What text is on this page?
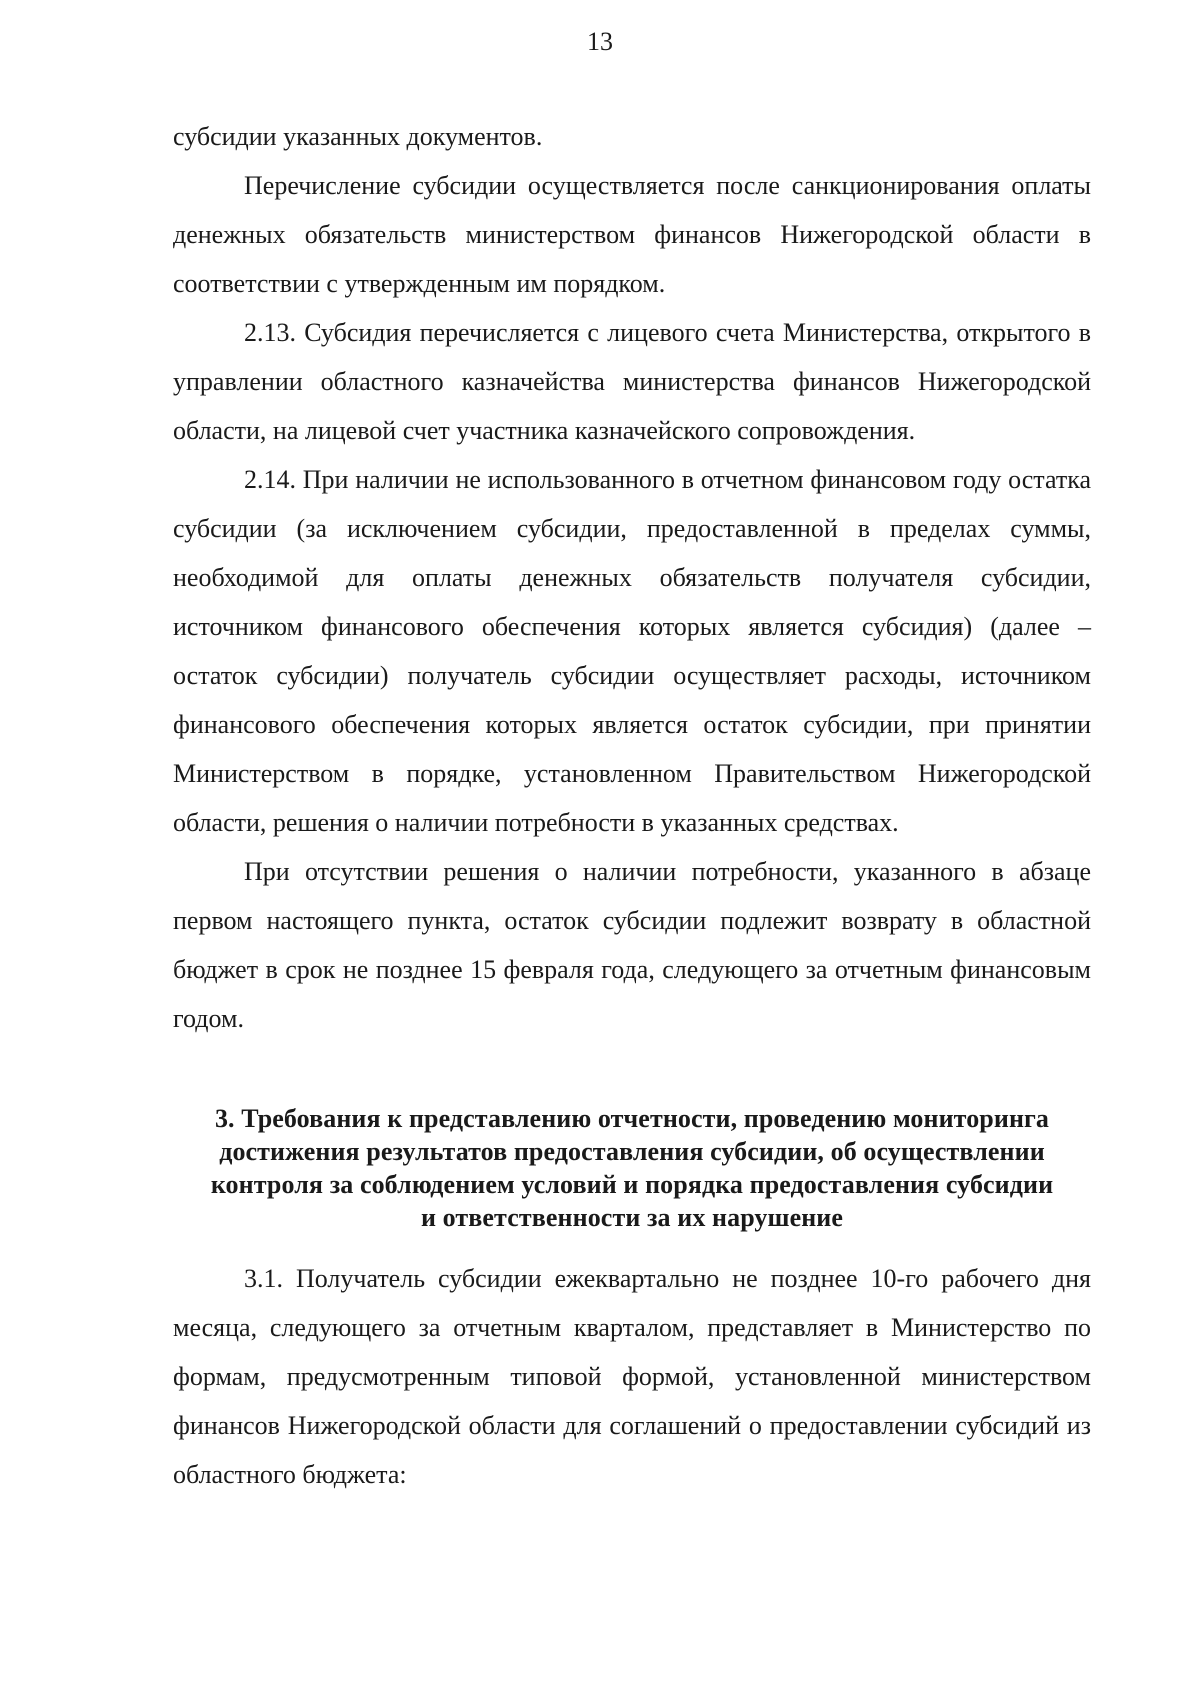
13

субсидии указанных документов.

Перечисление субсидии осуществляется после санкционирования оплаты денежных обязательств министерством финансов Нижегородской области в соответствии с утвержденным им порядком.

2.13. Субсидия перечисляется с лицевого счета Министерства, открытого в управлении областного казначейства министерства финансов Нижегородской области, на лицевой счет участника казначейского сопровождения.

2.14. При наличии не использованного в отчетном финансовом году остатка субсидии (за исключением субсидии, предоставленной в пределах суммы, необходимой для оплаты денежных обязательств получателя субсидии, источником финансового обеспечения которых является субсидия) (далее – остаток субсидии) получатель субсидии осуществляет расходы, источником финансового обеспечения которых является остаток субсидии, при принятии Министерством в порядке, установленном Правительством Нижегородской области, решения о наличии потребности в указанных средствах.

При отсутствии решения о наличии потребности, указанного в абзаце первом настоящего пункта, остаток субсидии подлежит возврату в областной бюджет в срок не позднее 15 февраля года, следующего за отчетным финансовым годом.

3. Требования к представлению отчетности, проведению мониторинга
достижения результатов предоставления субсидии, об осуществлении
контроля за соблюдением условий и порядка предоставления субсидии
и ответственности за их нарушение

3.1. Получатель субсидии ежеквартально не позднее 10-го рабочего дня месяца, следующего за отчетным кварталом, представляет в Министерство по формам, предусмотренным типовой формой, установленной министерством финансов Нижегородской области для соглашений о предоставлении субсидий из областного бюджета:
